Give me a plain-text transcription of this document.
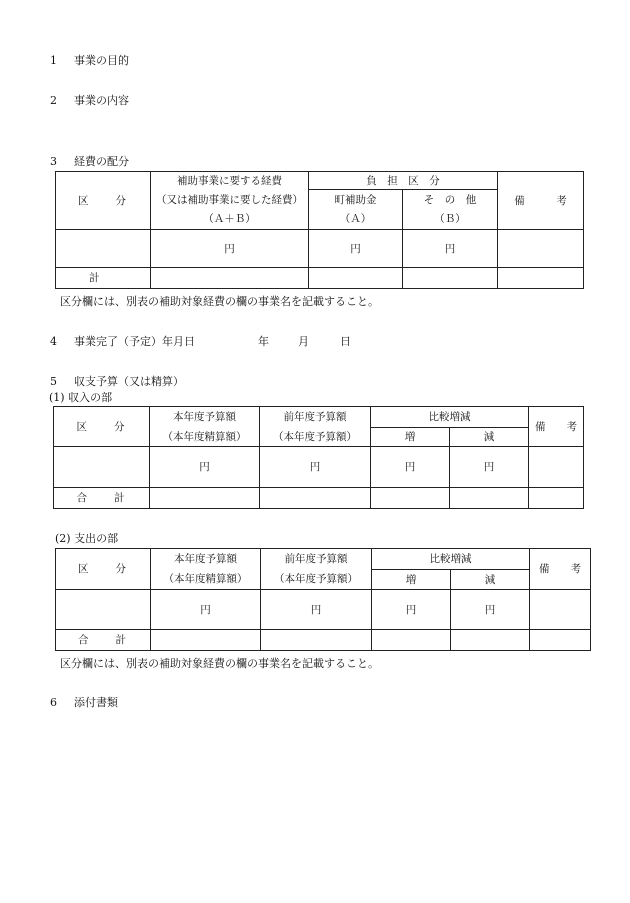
1 事業の目的
2 事業の内容
3 経費の配分
区　　分	補助事業に要する経費	負　担　区　分		備　　　考
	（又は補助事業に要した経費）	町補助金	そ　の　他	
	（Ａ＋Ｂ）	（Ａ）	（Ｂ）	
	円	円	円	
計				
区分欄には、別表の補助対象経費の欄の事業名を記載すること。
4 事業完了（予定）年月日	年	月	日
5 収支予算（又は精算）
(1) 収入の部
区　　分	本年度予算額	前年度予算額	比較増減		備　　考
	（本年度精算額）	（本年度予算額）	増	減	
	円	円	円	円	
合　　計					
(2) 支出の部
区　　分	本年度予算額	前年度予算額	比較増減		備　　考
	（本年度精算額）	（本年度予算額）	増	減	
	円	円	円	円	
合　　計					
区分欄には、別表の補助対象経費の欄の事業名を記載すること。
6 添付書類
